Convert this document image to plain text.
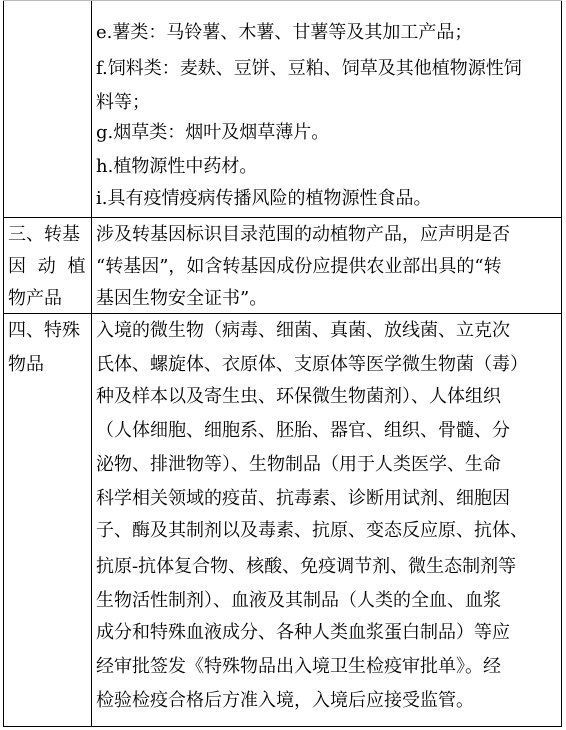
e.薯类：马铃薯、木薯、甘薯等及其加工产品；
f.饲料类：麦麸、豆饼、豆粕、饲草及其他植物源性饲
料等；
g.烟草类：烟叶及烟草薄片。
h.植物源性中药材。
i.具有疫情疫病传播风险的植物源性食品。
三、转基
因 动 植
物产品
涉及转基因标识目录范围的动植物产品，应声明是否
“转基因”，如含转基因成份应提供农业部出具的“转
基因生物安全证书”。
四、特殊
物品
入境的微生物（病毒、细菌、真菌、放线菌、立克次
氏体、螺旋体、衣原体、支原体等医学微生物菌（毒）
种及样本以及寄生虫、环保微生物菌剂）、人体组织
（人体细胞、细胞系、胚胎、器官、组织、骨髓、分
泌物、排泄物等）、生物制品（用于人类医学、生命
科学相关领域的疫苗、抗毒素、诊断用试剂、细胞因
子、酶及其制剂以及毒素、抗原、变态反应原、抗体、
抗原-抗体复合物、核酸、免疫调节剂、微生态制剂等
生物活性制剂）、血液及其制品（人类的全血、血浆
成分和特殊血液成分、各种人类血浆蛋白制品）等应
经审批签发《特殊物品出入境卫生检疫审批单》。经
检验检疫合格后方准入境，入境后应接受监管。
